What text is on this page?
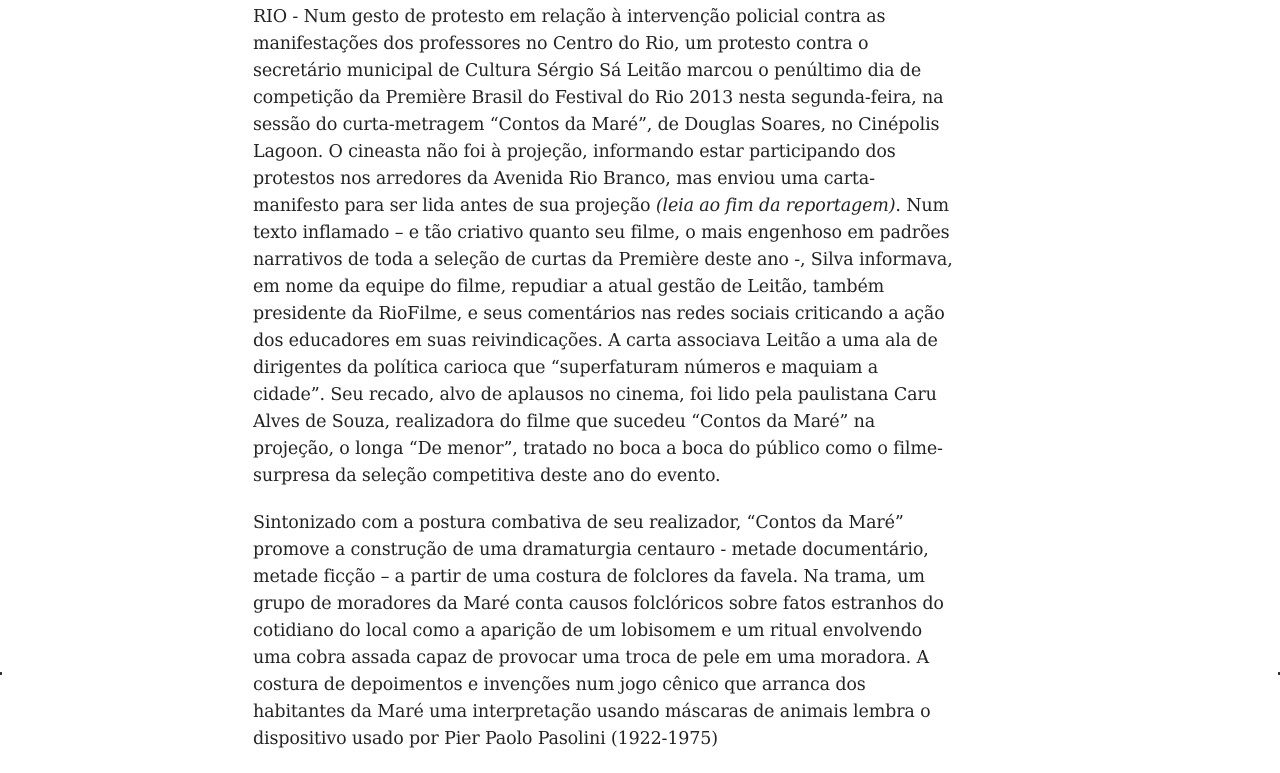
RIO - Num gesto de protesto em relação à intervenção policial contra as manifestações dos professores no Centro do Rio, um protesto contra o secretário municipal de Cultura Sérgio Sá Leitão marcou o penúltimo dia de competição da Première Brasil do Festival do Rio 2013 nesta segunda-feira, na sessão do curta-metragem “Contos da Maré”, de Douglas Soares, no Cinépolis Lagoon. O cineasta não foi à projeção, informando estar participando dos protestos nos arredores da Avenida Rio Branco, mas enviou uma carta-manifesto para ser lida antes de sua projeção (leia ao fim da reportagem). Num texto inflamado – e tão criativo quanto seu filme, o mais engenhoso em padrões narrativos de toda a seleção de curtas da Première deste ano -, Silva informava, em nome da equipe do filme, repudiar a atual gestão de Leitão, também presidente da RioFilme, e seus comentários nas redes sociais criticando a ação dos educadores em suas reivindicações. A carta associava Leitão a uma ala de dirigentes da política carioca que “superfaturam números e maquiam a cidade”. Seu recado, alvo de aplausos no cinema, foi lido pela paulistana Caru Alves de Souza, realizadora do filme que sucedeu “Contos da Maré” na projeção, o longa “De menor”, tratado no boca a boca do público como o filme-surpresa da seleção competitiva deste ano do evento.

Sintonizado com a postura combativa de seu realizador, “Contos da Maré” promove a construção de uma dramaturgia centauro - metade documentário, metade ficção – a partir de uma costura de folclores da favela. Na trama, um grupo de moradores da Maré conta causos folclóricos sobre fatos estranhos do cotidiano do local como a aparição de um lobisomem e um ritual envolvendo uma cobra assada capaz de provocar uma troca de pele em uma moradora. A costura de depoimentos e invenções num jogo cênico que arranca dos habitantes da Maré uma interpretação usando máscaras de animais lembra o dispositivo usado por Pier Paolo Pasolini (1922-1975)
